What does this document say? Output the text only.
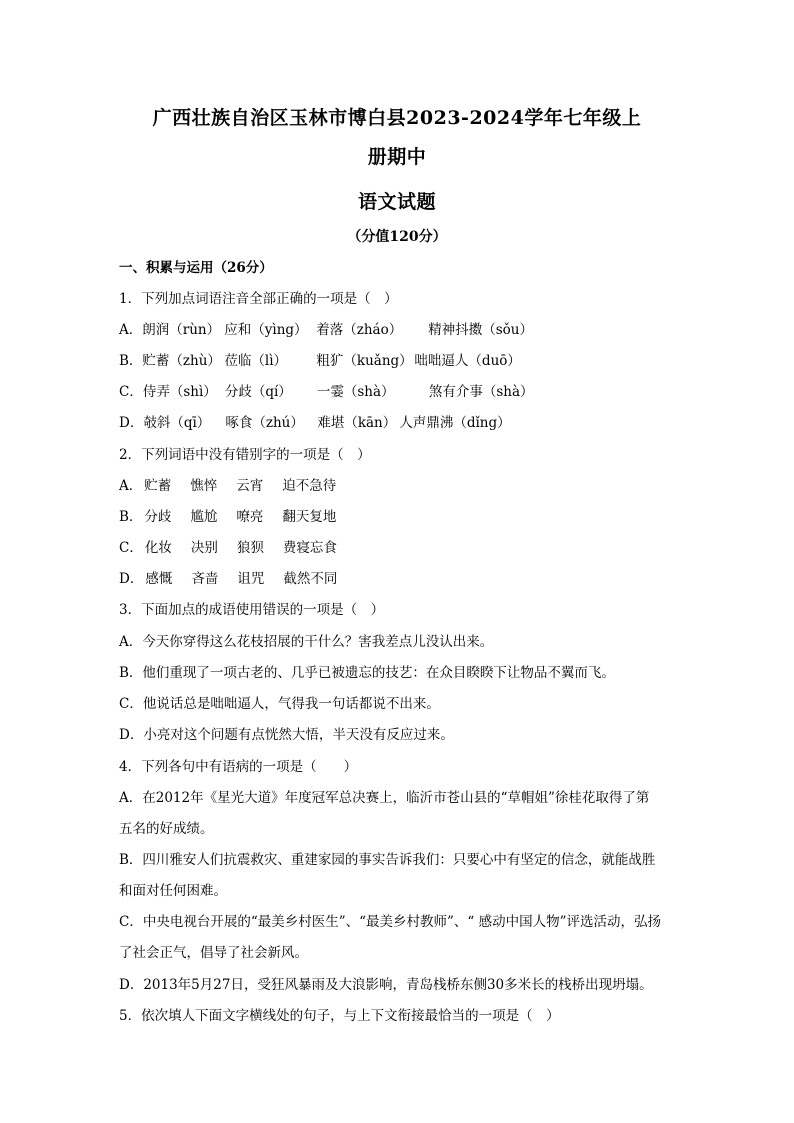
广西壮族自治区玉林市博白县2023-2024学年七年级上
册期中
语文试题
（分值120分）
一、积累与运用（26分）
1．下列加点词语注音全部正确的一项是（　）
A．朗润（rùn） 应和（yìng） 着落（zháo） 精神抖擞（sǒu）
B．贮蓄（zhù） 莅临（lì） 粗犷（kuǎng） 咄咄逼人（duō）
C．侍弄（shì） 分歧（qí） 一霎（shà）	煞有介事（shà）
D．攲斜（qī） 啄食（zhú） 难堪（kān） 人声鼎沸（dǐng）
2．下列词语中没有错别字的一项是（　）
A． 贮蓄 憔悴 云宵 迫不急待
B． 分歧 尴尬 嘹亮 翻天复地
C． 化妆 决别 狼狈 费寝忘食
D． 感慨 吝啬 诅咒 截然不同
3．下面加点的成语使用错误的一项是（　）
A．今天你穿得这么花枝招展的干什么？害我差点儿没认出来。
B．他们重现了一项古老的、几乎已被遗忘的技艺：在众目睽睽下让物品不翼而飞。
C．他说话总是咄咄逼人，气得我一句话都说不出来。
D．小亮对这个问题有点恍然大悟，半天没有反应过来。
4．下列各句中有语病的一项是（　　）
A．在2012年《星光大道》年度冠军总决赛上，临沂市苍山县的“草帽姐”徐桂花取得了第
五名的好成绩。
B．四川雅安人们抗震救灾、重建家园的事实告诉我们：只要心中有坚定的信念，就能战胜
和面对任何困难。
C．中央电视台开展的“最美乡村医生”、“最美乡村教师”、“ 感动中国人物”评选活动，弘扬
了社会正气，倡导了社会新风。
D．2013年5月27日，受狂风暴雨及大浪影响，青岛栈桥东侧30多米长的栈桥出现坍塌。
5．依次填人下面文字横线处的句子，与上下文衔接最恰当的一项是（　）
